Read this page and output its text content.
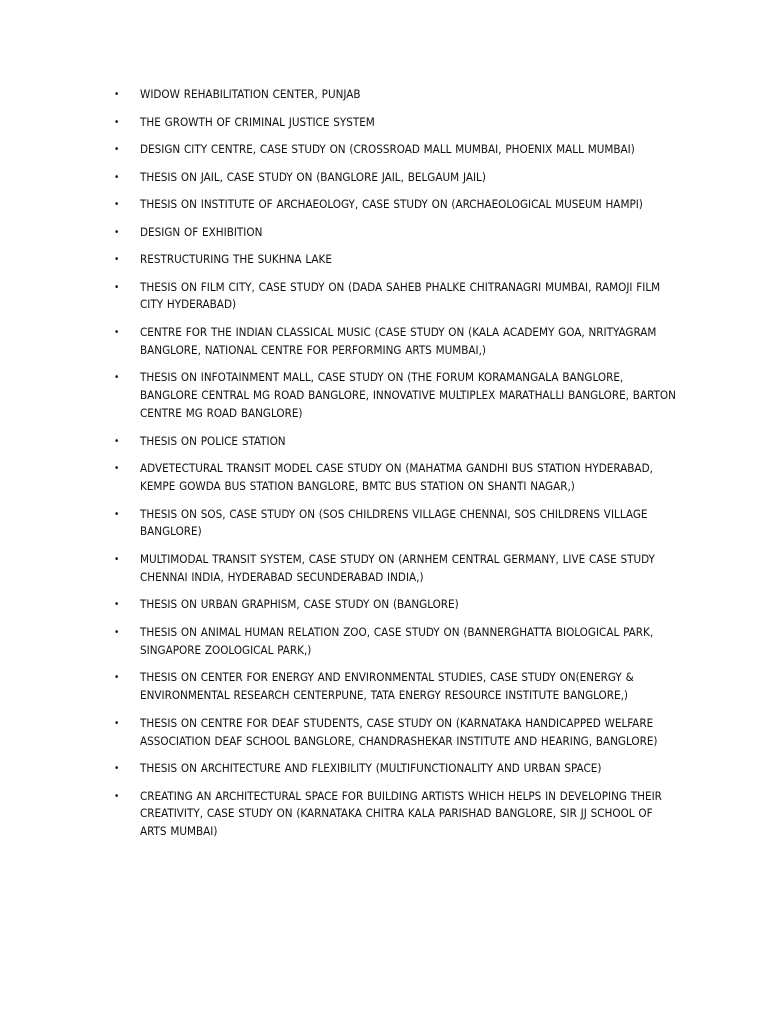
•	WIDOW REHABILITATION CENTER, PUNJAB
•	THE GROWTH OF CRIMINAL JUSTICE SYSTEM
•	DESIGN CITY CENTRE, CASE STUDY ON (CROSSROAD MALL MUMBAI, PHOENIX MALL MUMBAI)
•	THESIS ON JAIL, CASE STUDY ON (BANGLORE JAIL, BELGAUM JAIL)
•	THESIS ON INSTITUTE OF ARCHAEOLOGY, CASE STUDY ON (ARCHAEOLOGICAL MUSEUM HAMPI)
•	DESIGN OF EXHIBITION
•	RESTRUCTURING THE SUKHNA LAKE
•	THESIS ON FILM CITY, CASE STUDY ON (DADA SAHEB PHALKE CHITRANAGRI MUMBAI, RAMOJI FILM CITY HYDERABAD)
•	CENTRE FOR THE INDIAN CLASSICAL MUSIC (CASE STUDY ON (KALA ACADEMY GOA, NRITYAGRAM BANGLORE, NATIONAL CENTRE FOR PERFORMING ARTS MUMBAI,)
•	THESIS ON INFOTAINMENT MALL, CASE STUDY ON (THE FORUM KORAMANGALA BANGLORE, BANGLORE CENTRAL MG ROAD BANGLORE, INNOVATIVE MULTIPLEX MARATHALLI BANGLORE, BARTON CENTRE MG ROAD BANGLORE)
•	THESIS ON POLICE STATION
•	ADVETECTURAL TRANSIT MODEL CASE STUDY ON (MAHATMA GANDHI BUS STATION HYDERABAD, KEMPE GOWDA BUS STATION BANGLORE, BMTC BUS STATION ON SHANTI NAGAR,)
•	THESIS ON SOS, CASE STUDY ON (SOS CHILDRENS VILLAGE CHENNAI, SOS CHILDRENS VILLAGE BANGLORE)
•	MULTIMODAL TRANSIT SYSTEM, CASE STUDY ON (ARNHEM CENTRAL GERMANY, LIVE CASE STUDY CHENNAI INDIA, HYDERABAD SECUNDERABAD INDIA,)
•	THESIS ON URBAN GRAPHISM, CASE STUDY ON (BANGLORE)
•	THESIS ON ANIMAL HUMAN RELATION ZOO, CASE STUDY ON (BANNERGHATTA BIOLOGICAL PARK, SINGAPORE ZOOLOGICAL PARK,)
•	THESIS ON CENTER FOR ENERGY AND ENVIRONMENTAL STUDIES, CASE STUDY ON(ENERGY & ENVIRONMENTAL RESEARCH CENTERPUNE, TATA ENERGY RESOURCE INSTITUTE BANGLORE,)
•	THESIS ON CENTRE FOR DEAF STUDENTS, CASE STUDY ON (KARNATAKA HANDICAPPED WELFARE ASSOCIATION DEAF SCHOOL BANGLORE, CHANDRASHEKAR INSTITUTE AND HEARING, BANGLORE)
•	THESIS ON ARCHITECTURE AND FLEXIBILITY (MULTIFUNCTIONALITY AND URBAN SPACE)
•	CREATING AN ARCHITECTURAL SPACE FOR BUILDING ARTISTS WHICH HELPS IN DEVELOPING THEIR CREATIVITY, CASE STUDY ON (KARNATAKA CHITRA KALA PARISHAD BANGLORE, SIR JJ SCHOOL OF ARTS MUMBAI)
